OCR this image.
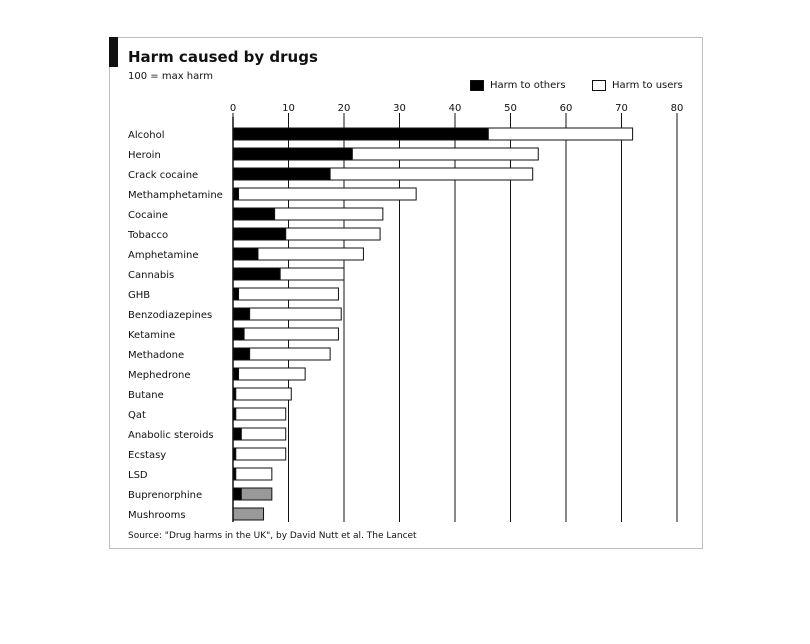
Harm caused by drugs
100 = max harm
Harm to others	Harm to users
0	10	20	30	40	50	60	70	80
Alcohol
Heroin
Crack cocaine
Methamphetamine
Cocaine
Tobacco
Amphetamine
Cannabis
GHB
Benzodiazepines
Ketamine
Methadone
Mephedrone
Butane
Qat
Anabolic steroids
Ecstasy
LSD
Buprenorphine
Mushrooms
Source: "Drug harms in the UK", by David Nutt et al. The Lancet
